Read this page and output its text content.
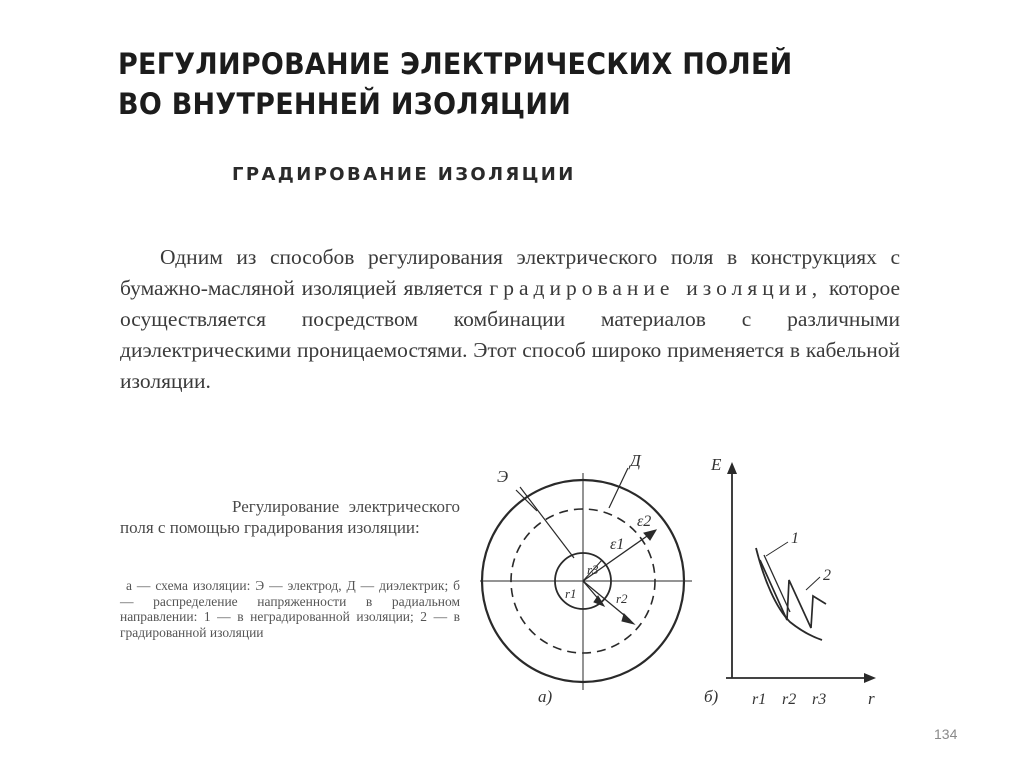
РЕГУЛИРОВАНИЕ ЭЛЕКТРИЧЕСКИХ ПОЛЕЙ
ВО ВНУТРЕННЕЙ ИЗОЛЯЦИИ
ГРАДИРОВАНИЕ ИЗОЛЯЦИИ
Одним из способов регулирования электрического поля в конструкциях с бумажно-масляной изоляцией является градирование изоляции, которое осуществляется посредством комбинации материалов с различными диэлектрическими проницаемостями. Этот способ широко применяется в кабельной изоляции.
Регулирование электрического поля с помощью градирования изоляции:
а — схема изоляции: Э — электрод, Д — диэлектрик; б — распределение напряженности в радиальном направлении: 1 — в неградированной изоляции; 2 — в градированной изоляции
Э
Д
ε1
ε2
r1	r2
r3
а)
E
r
r1 r2 r3
1
2
б)
134
